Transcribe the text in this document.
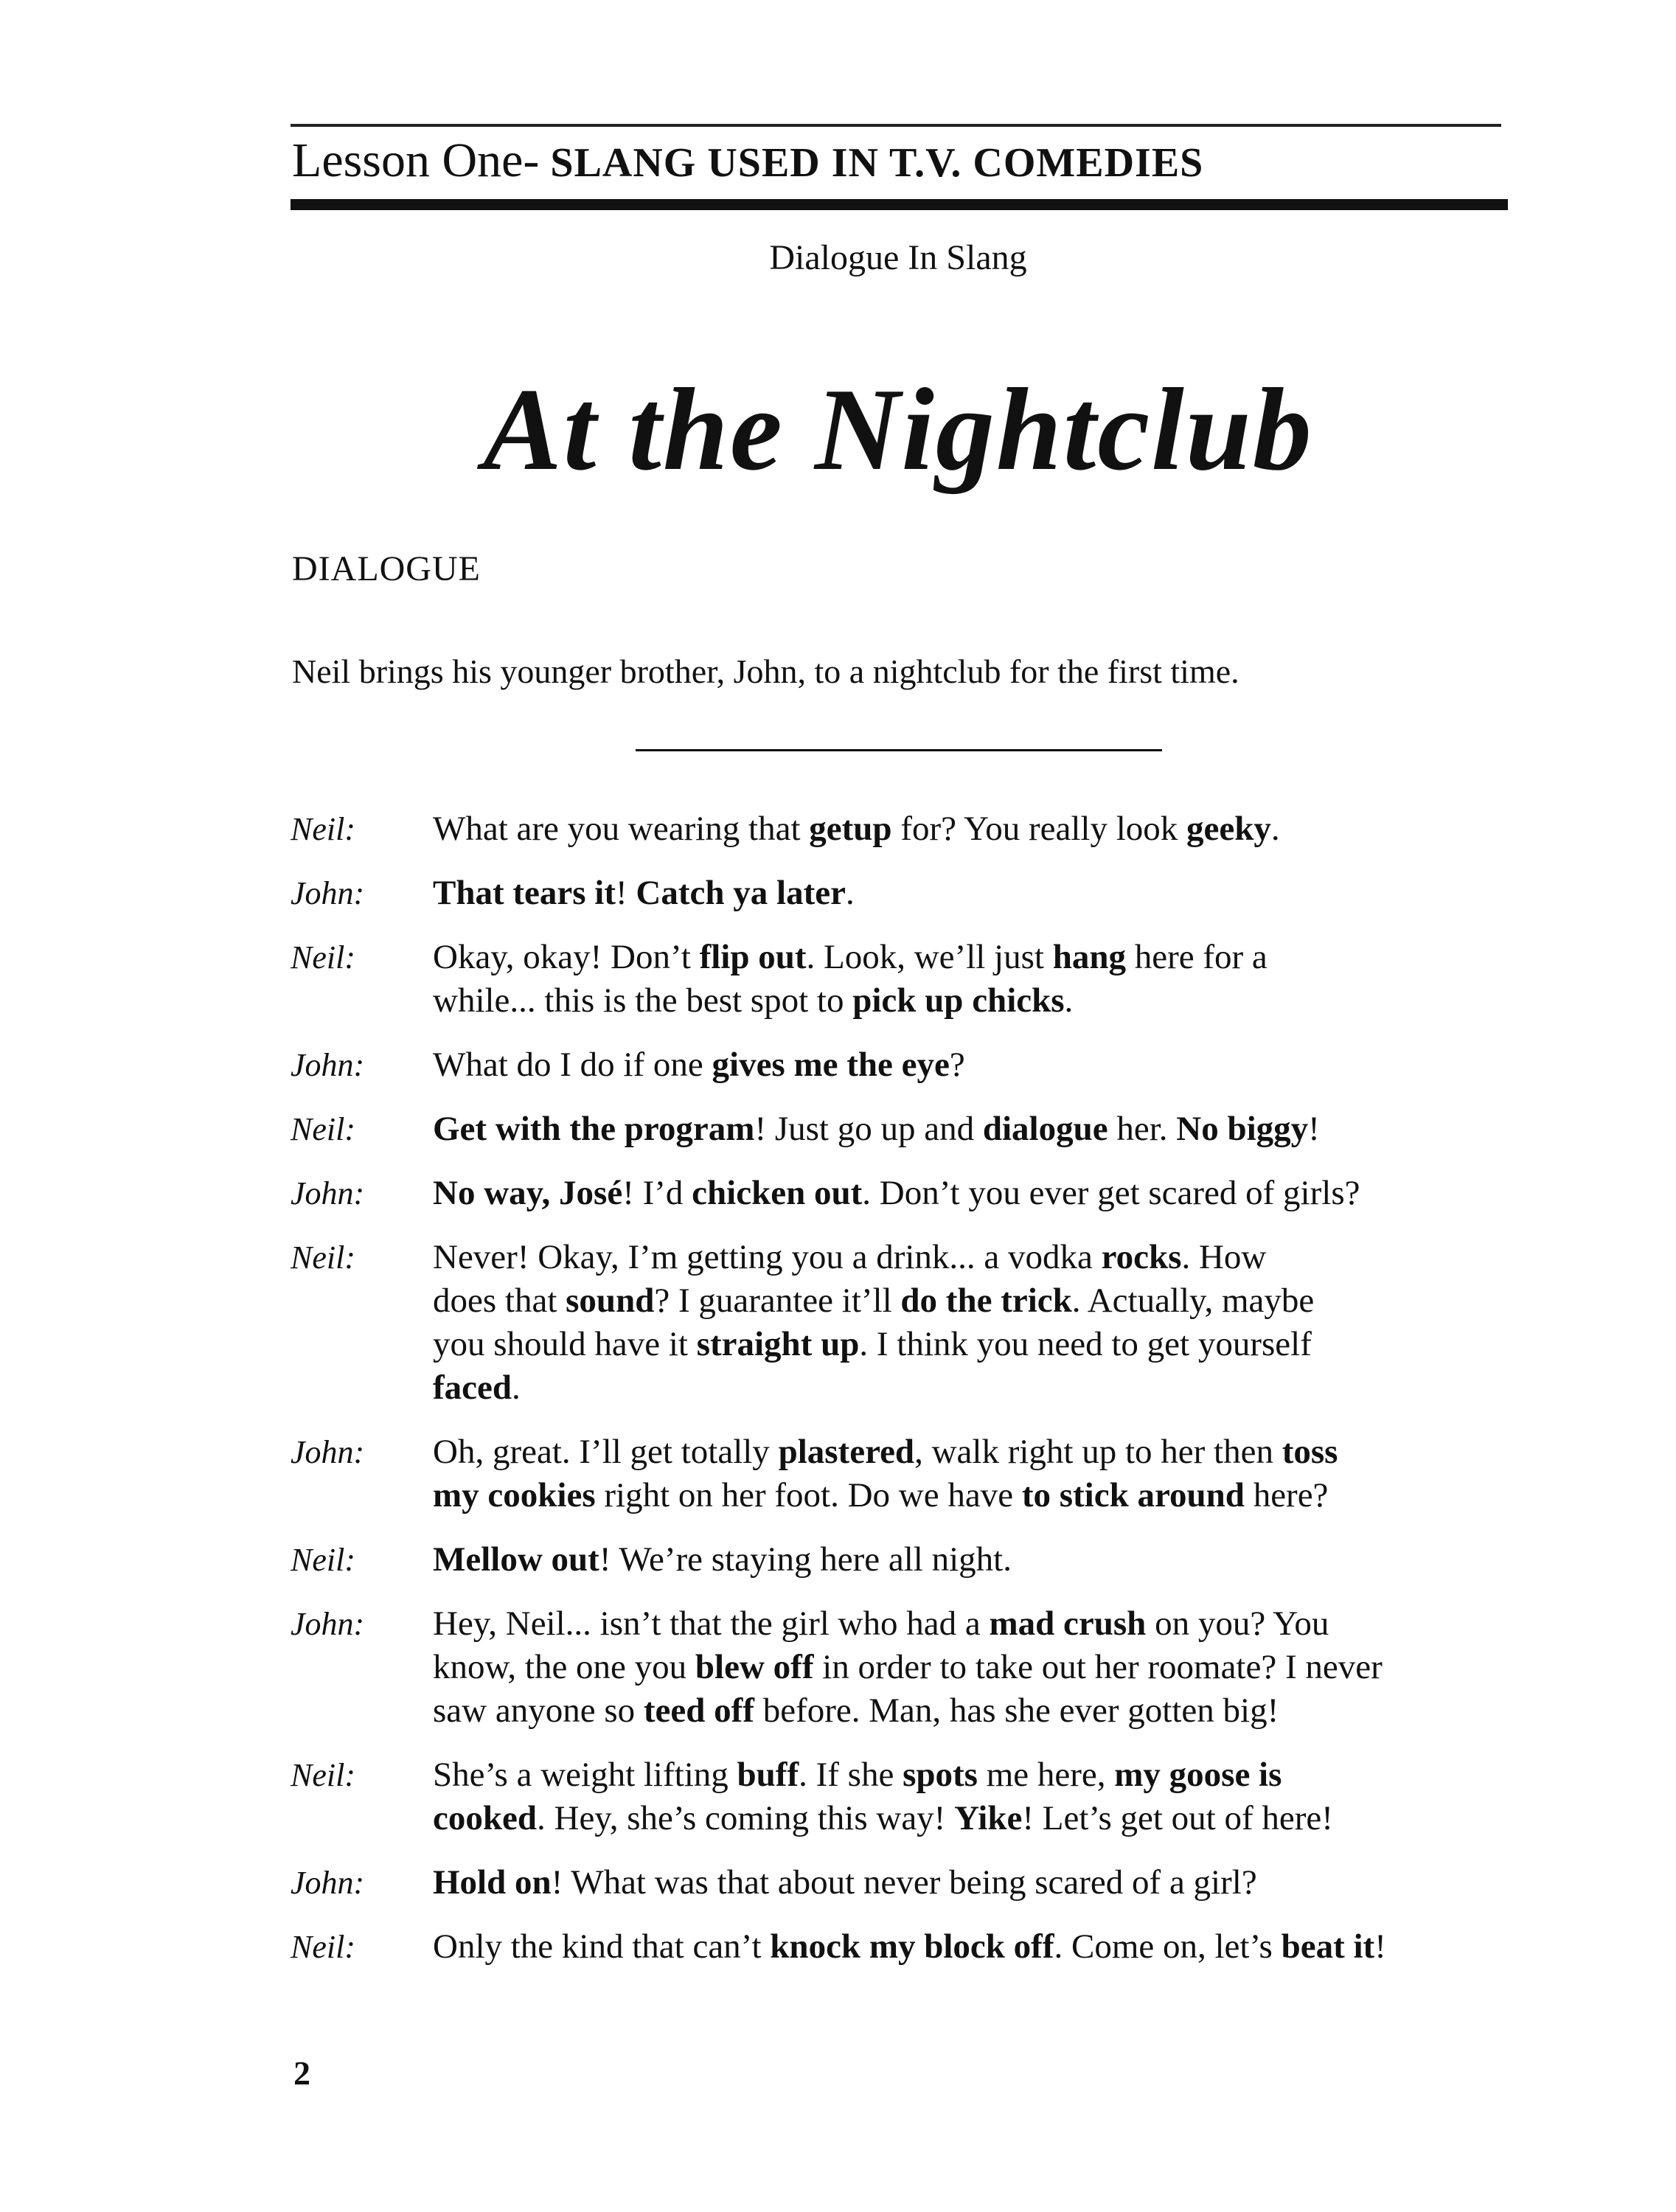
Lesson One- SLANG USED IN T.V. COMEDIES
Dialogue In Slang
At the Nightclub
DIALOGUE
Neil brings his younger brother, John, to a nightclub for the first time.
Neil:	What are you wearing that getup for? You really look geeky.
John:	That tears it! Catch ya later.
Neil:	Okay, okay! Don’t flip out. Look, we’ll just hang here for a
while... this is the best spot to pick up chicks.
John:	What do I do if one gives me the eye?
Neil:	Get with the program! Just go up and dialogue her. No biggy!
John:	No way, José! I’d chicken out. Don’t you ever get scared of girls?
Neil:	Never! Okay, I’m getting you a drink... a vodka rocks. How
does that sound? I guarantee it’ll do the trick. Actually, maybe
you should have it straight up. I think you need to get yourself
faced.
John:	Oh, great. I’ll get totally plastered, walk right up to her then toss
my cookies right on her foot. Do we have to stick around here?
Neil:	Mellow out! We’re staying here all night.
John:	Hey, Neil... isn’t that the girl who had a mad crush on you? You
know, the one you blew off in order to take out her roomate? I never
saw anyone so teed off before. Man, has she ever gotten big!
Neil:	She’s a weight lifting buff. If she spots me here, my goose is
cooked. Hey, she’s coming this way! Yike! Let’s get out of here!
John:	Hold on! What was that about never being scared of a girl?
Neil:	Only the kind that can’t knock my block off. Come on, let’s beat it!
2
